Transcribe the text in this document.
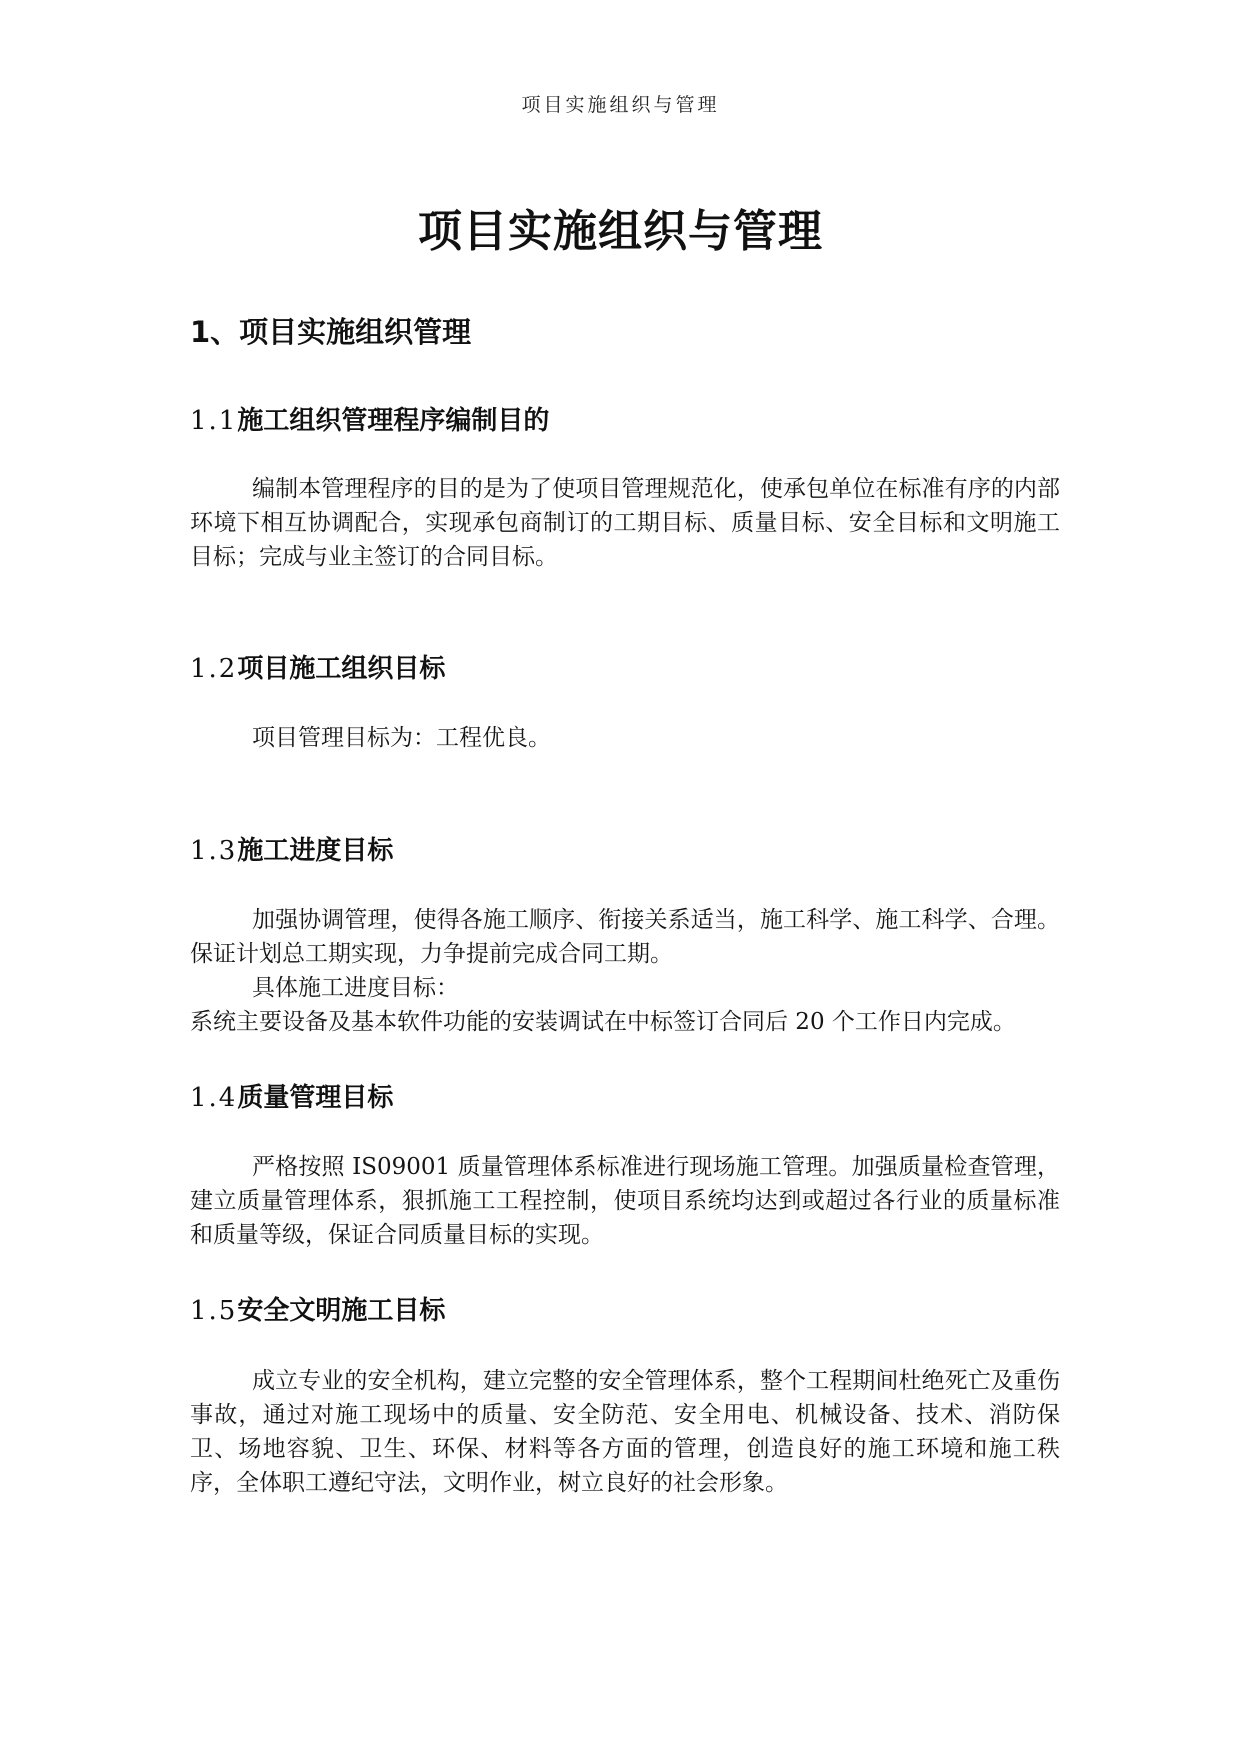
项目实施组织与管理
项目实施组织与管理
1、项目实施组织管理
1.1施工组织管理程序编制目的

编制本管理程序的目的是为了使项目管理规范化，使承包单位在标准有序的内部环境下相互协调配合，实现承包商制订的工期目标、质量目标、安全目标和文明施工目标；完成与业主签订的合同目标。

1.2项目施工组织目标

项目管理目标为：工程优良。

1.3施工进度目标

加强协调管理，使得各施工顺序、衔接关系适当，施工科学、施工科学、合理。保证计划总工期实现，力争提前完成合同工期。

具体施工进度目标：

系统主要设备及基本软件功能的安装调试在中标签订合同后 20 个工作日内完成。

1.4质量管理目标

严格按照 IS09001 质量管理体系标准进行现场施工管理。加强质量检查管理，建立质量管理体系，狠抓施工工程控制，使项目系统均达到或超过各行业的质量标准和质量等级，保证合同质量目标的实现。

1.5安全文明施工目标

成立专业的安全机构，建立完整的安全管理体系，整个工程期间杜绝死亡及重伤事故，通过对施工现场中的质量、安全防范、安全用电、机械设备、技术、消防保卫、场地容貌、卫生、环保、材料等各方面的管理，创造良好的施工环境和施工秩序，全体职工遵纪守法，文明作业，树立良好的社会形象。
